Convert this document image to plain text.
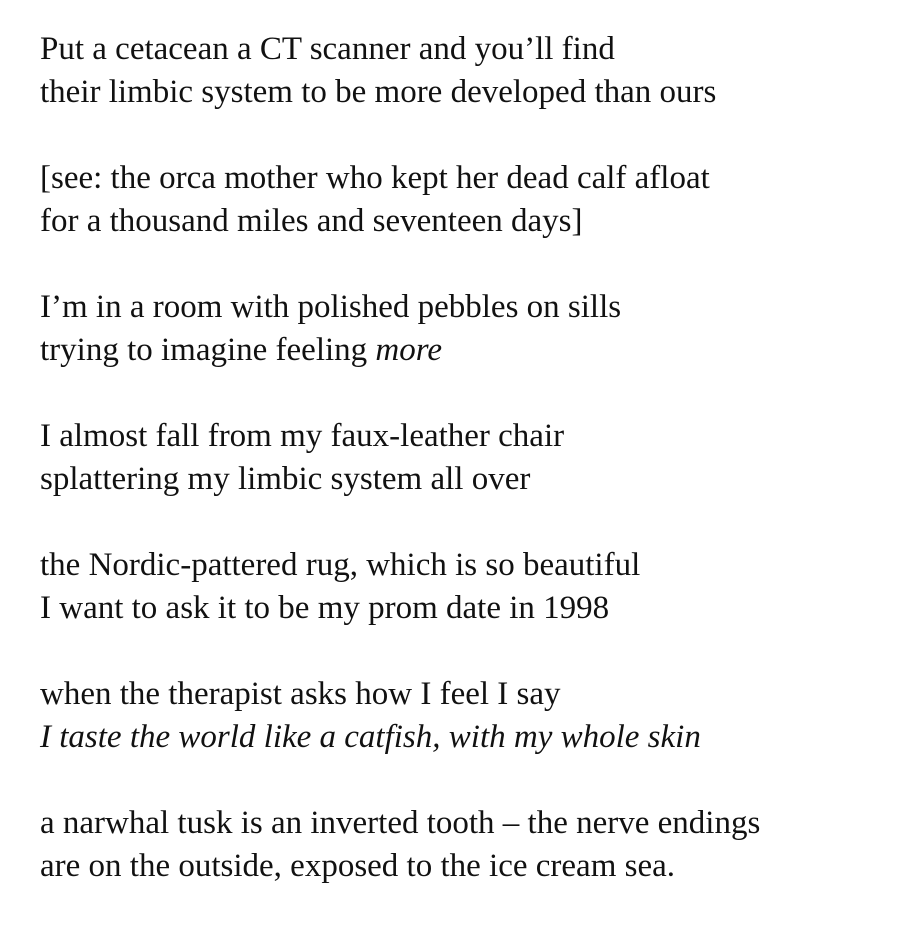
Put a cetacean a CT scanner and you’ll find
their limbic system to be more developed than ours
[see: the orca mother who kept her dead calf afloat
for a thousand miles and seventeen days]
I’m in a room with polished pebbles on sills
trying to imagine feeling more
I almost fall from my faux-leather chair
splattering my limbic system all over
the Nordic-pattered rug, which is so beautiful
I want to ask it to be my prom date in 1998
when the therapist asks how I feel I say
I taste the world like a catfish, with my whole skin
a narwhal tusk is an inverted tooth – the nerve endings
are on the outside, exposed to the ice cream sea.
